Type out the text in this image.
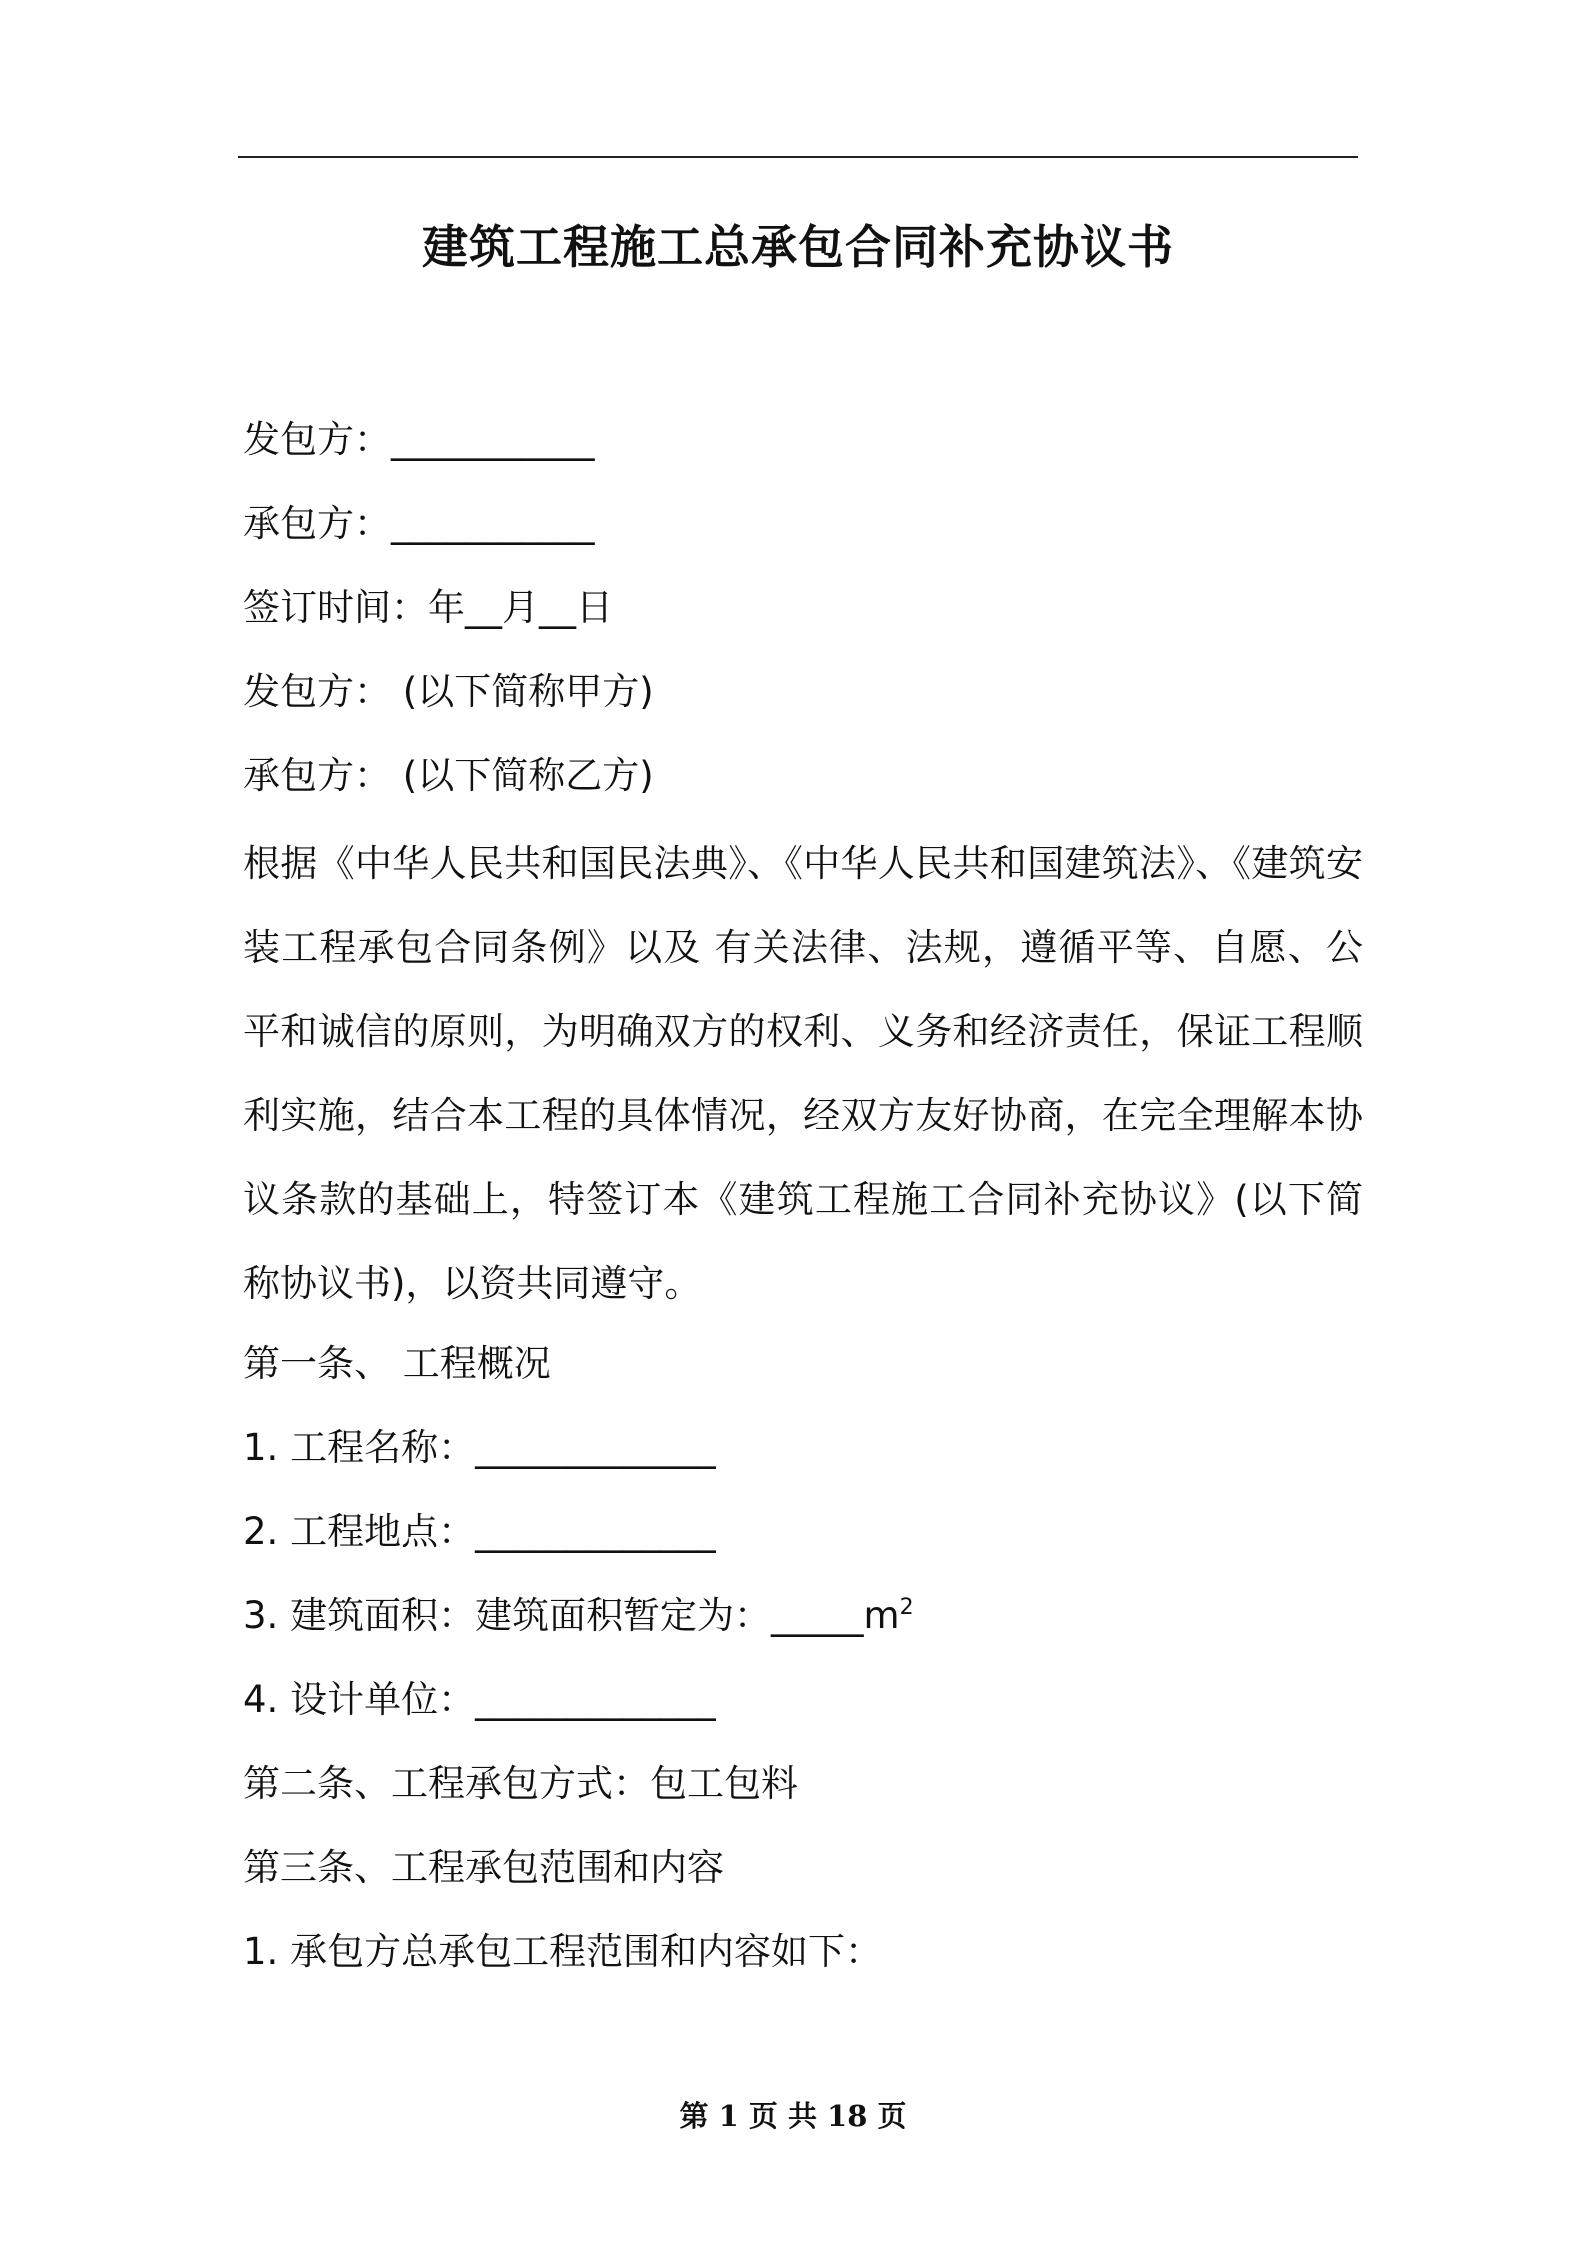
建筑工程施工总承包合同补充协议书
发包方：___________
承包方：___________
签订时间：年__月__日
发包方： (以下简称甲方)
承包方： (以下简称乙方)
根据《中华人民共和国民法典》、《中华人民共和国建筑法》、《建筑安
装工程承包合同条例》以及 有关法律、法规，遵循平等、自愿、公
平和诚信的原则，为明确双方的权利、义务和经济责任，保证工程顺
利实施，结合本工程的具体情况，经双方友好协商，在完全理解本协
议条款的基础上，特签订本《建筑工程施工合同补充协议》(以下简
称协议书)，以资共同遵守。
第一条、 工程概况
1. 工程名称：_____________
2. 工程地点：_____________
3. 建筑面积：建筑面积暂定为：$\_\_\_\_\_m^2$
4. 设计单位：_____________
第二条、工程承包方式：包工包料
第三条、工程承包范围和内容
1. 承包方总承包工程范围和内容如下：
第 1 页 共 18 页
